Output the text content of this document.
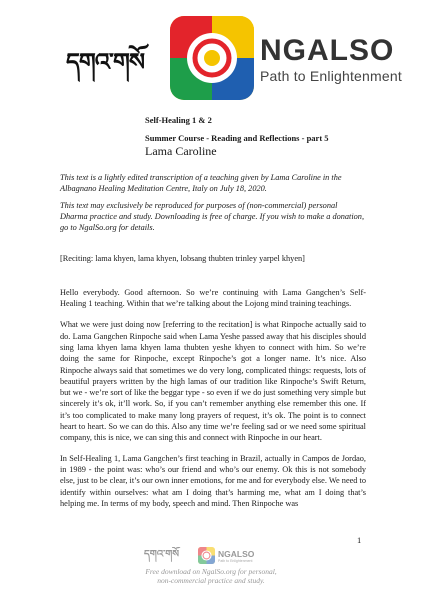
དགའ་གསོ	NGALSO
Path to Enlightenment
Self-Healing 1 & 2
Summer Course - Reading and Reflections - part 5
Lama Caroline

This text is a lightly edited transcription of a teaching given by Lama Caroline in the Albagnano Healing Meditation Centre, Italy on July 18, 2020.

This text may exclusively be reproduced for purposes of (non-commercial) personal Dharma practice and study. Downloading is free of charge. If you wish to make a donation, go to NgalSo.org for details.

[Reciting: lama khyen, lama khyen, lobsang thubten trinley yarpel khyen]

Hello everybody. Good afternoon. So we’re continuing with Lama Gangchen’s Self-Healing 1 teaching. Within that we’re talking about the Lojong mind training teachings.

What we were just doing now [referring to the recitation] is what Rinpoche actually said to do. Lama Gangchen Rinpoche said when Lama Yeshe passed away that his disciples should sing lama khyen lama khyen lama thubten yeshe khyen to connect with him. So we’re doing the same for Rinpoche, except Rinpoche’s got a longer name. It’s nice. Also Rinpoche always said that sometimes we do very long, complicated things: requests, lots of beautiful prayers written by the high lamas of our tradition like Rinpoche’s Swift Return, but we - we’re sort of like the beggar type - so even if we do just something very simple but sincerely it’s ok, it’ll work. So, if you can’t remember anything else remember this one. If it’s too complicated to make many long prayers of request, it’s ok. The point is to connect heart to heart. So we can do this. Also any time we’re feeling sad or we need some spiritual company, this is nice, we can sing this and connect with Rinpoche in our heart.

In Self-Healing 1, Lama Gangchen’s first teaching in Brazil, actually in Campos de Jordao, in 1989 - the point was: who’s our friend and who’s our enemy. Ok this is not somebody else, just to be clear, it’s our own inner emotions, for me and for everybody else. We need to identify within ourselves: what am I doing that’s harming me, what am I doing that’s helping me. In terms of my body, speech and mind. Then Rinpoche was

1
དགའ་གསོ	NGALSO
Path to Enlightenment
Free download on NgalSo.org for personal,
non-commercial practice and study.
